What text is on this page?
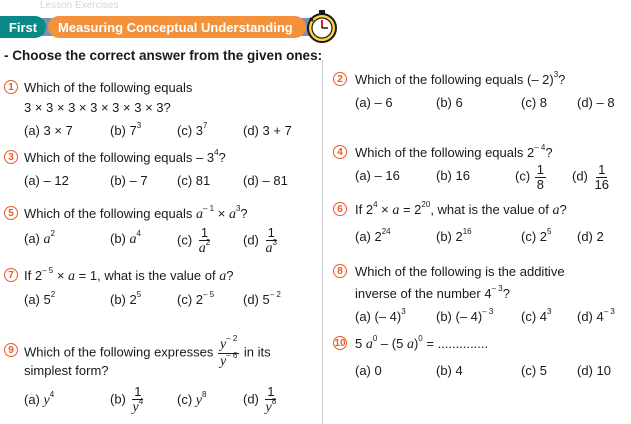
Lesson Exercises
First	Measuring Conceptual Understanding
- Choose the correct answer from the given ones:
1 Which of the following equals
3 × 3 × 3 × 3 × 3 × 3 × 3?
(a) 3 × 7	(b) $7^3$	(c) $3^7$	(d) 3 + 7
2 Which of the following equals (– 2)$^3$?
(a) – 6	(b) 6	(c) 8 (d) – 8
3 Which of the following equals – $3^4$?
(a) – 12	(b) – 7 (c) 81	(d) – 81
4 Which of the following equals $2^{- 4}$?
(a) – 16	(b) 16	$(c) \frac{1}{8} (d) \frac{1}{16}$
5 Which of the following equals $a^{- 1} \times a^3$?
(a) $a^2$	(b) $a^4$	$(c) \frac{1}{a^2} (d) \frac{1}{a^3}$
6 If $2^4 \times a = 2^{20}$, what is the value of a?
(a) $2^{24}$	(b) $2^{16}$	(c) $2^5$ (d) 2
7 If $2^{- 5} \times a = 1$, what is the value of a?
(a) $5^2$	(b) $2^5$	(c) $2^{- 5}$ (d) $5^{- 2}$
8 Which of the following is the additive
inverse of the number $4^{- 3}$?
(a) (– 4)$^3$ (b) (– 4)$^{- 3}$ (c) $4^3$ (d) $4^{- 3}$
9 Which of the following expresses $\frac{y^{- 2}}{y^{- 6}}$ in its
simplest form?
(a) $y^4$	$(b) \frac{1}{y^4} (c)$ $y^8$	$(d) \frac{1}{y^8}$
10 5 $a^0 - (5$ a)$^0$ = ..............
(a) 0	(b) 4	(c) 5 (d) 10
